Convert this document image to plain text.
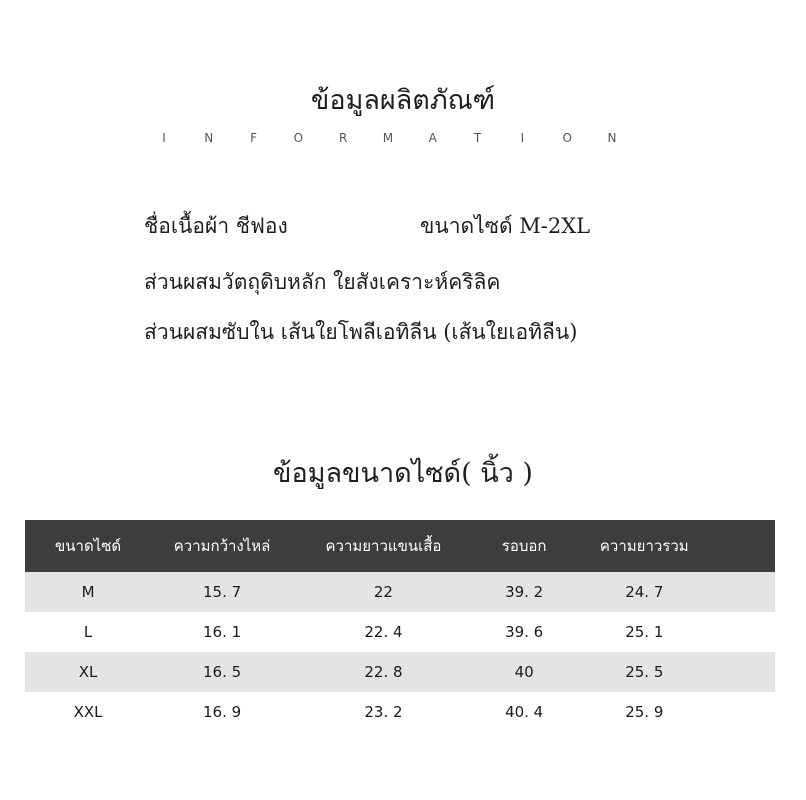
ข้อมูลผลิตภัณฑ์
I	N	F	O	R	M	A	T	I	O	N
ชื่อเนื้อผ้า ชีฟอง	ขนาดไซด์ M-2XL
ส่วนผสมวัตถุดิบหลัก ใยสังเคราะห์คริลิค
ส่วนผสมซับใน เส้นใยโพลีเอทิลีน (เส้นใยเอทิลีน)
ข้อมูลขนาดไซด์( นิ้ว )
ขนาดไซด์	ความกว้างไหล่	ความยาวแขนเสื้อ	รอบอก	ความยาวรวม	
M	15. 7	22	39. 2	24. 7	
L	16. 1	22. 4	39. 6	25. 1	
XL	16. 5	22. 8	40	25. 5	
XXL	16. 9	23. 2	40. 4	25. 9	
